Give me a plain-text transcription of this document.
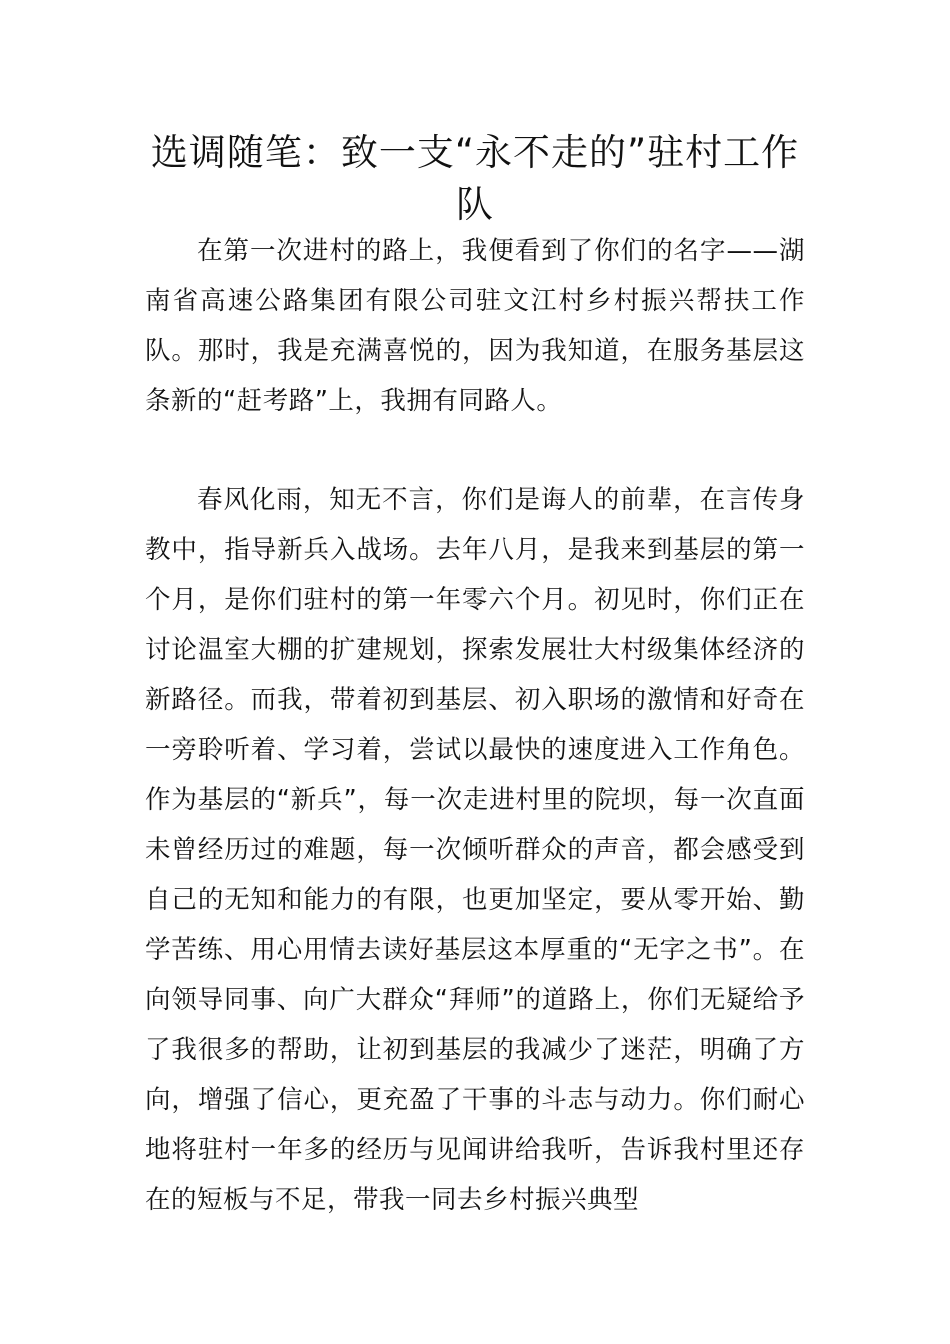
选调随笔：致一支“永不走的”驻村工作队

在第一次进村的路上，我便看到了你们的名字——湖南省高速公路集团有限公司驻文江村乡村振兴帮扶工作队。那时，我是充满喜悦的，因为我知道，在服务基层这条新的“赶考路”上，我拥有同路人。

春风化雨，知无不言，你们是诲人的前辈，在言传身教中，指导新兵入战场。去年八月，是我来到基层的第一个月，是你们驻村的第一年零六个月。初见时，你们正在讨论温室大棚的扩建规划，探索发展壮大村级集体经济的新路径。而我，带着初到基层、初入职场的激情和好奇在一旁聆听着、学习着，尝试以最快的速度进入工作角色。作为基层的“新兵”，每一次走进村里的院坝，每一次直面未曾经历过的难题，每一次倾听群众的声音，都会感受到自己的无知和能力的有限，也更加坚定，要从零开始、勤学苦练、用心用情去读好基层这本厚重的“无字之书”。在向领导同事、向广大群众“拜师”的道路上，你们无疑给予了我很多的帮助，让初到基层的我减少了迷茫，明确了方向，增强了信心，更充盈了干事的斗志与动力。你们耐心地将驻村一年多的经历与见闻讲给我听，告诉我村里还存在的短板与不足，带我一同去乡村振兴典型
